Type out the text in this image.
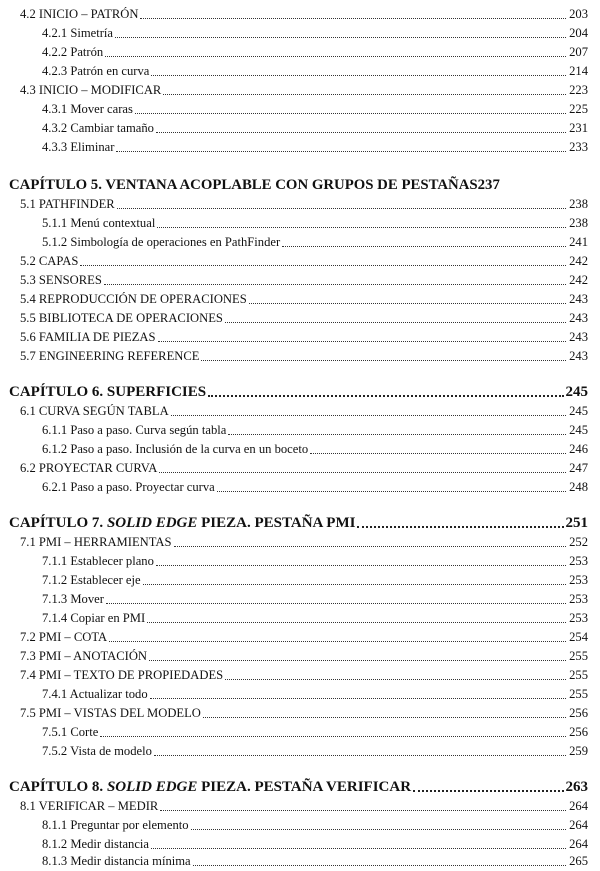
4.2 INICIO – PATRÓN	203
4.2.1 Simetría	204
4.2.2 Patrón	207
4.2.3 Patrón en curva	214
4.3 INICIO – MODIFICAR	223
4.3.1 Mover caras	225
4.3.2 Cambiar tamaño	231
4.3.3 Eliminar	233
CAPÍTULO 5. VENTANA ACOPLABLE CON GRUPOS DE PESTAÑAS 237
5.1 PATHFINDER	238
5.1.1 Menú contextual	238
5.1.2 Simbología de operaciones en PathFinder	241
5.2 CAPAS	242
5.3 SENSORES	242
5.4 REPRODUCCIÓN DE OPERACIONES	243
5.5 BIBLIOTECA DE OPERACIONES	243
5.6 FAMILIA DE PIEZAS	243
5.7 ENGINEERING REFERENCE	243
CAPÍTULO 6. SUPERFICIES	245
6.1 CURVA SEGÚN TABLA	245
6.1.1 Paso a paso. Curva según tabla	245
6.1.2 Paso a paso. Inclusión de la curva en un boceto	246
6.2 PROYECTAR CURVA	247
6.2.1 Paso a paso. Proyectar curva	248
CAPÍTULO 7. SOLID EDGE PIEZA. PESTAÑA PMI	251
7.1 PMI – HERRAMIENTAS	252
7.1.1 Establecer plano	253
7.1.2 Establecer eje	253
7.1.3 Mover	253
7.1.4 Copiar en PMI	253
7.2 PMI – COTA	254
7.3 PMI – ANOTACIÓN	255
7.4 PMI – TEXTO DE PROPIEDADES	255
7.4.1 Actualizar todo	255
7.5 PMI – VISTAS DEL MODELO	256
7.5.1 Corte	256
7.5.2 Vista de modelo	259
CAPÍTULO 8. SOLID EDGE PIEZA. PESTAÑA VERIFICAR	263
8.1 VERIFICAR – MEDIR	264
8.1.1 Preguntar por elemento	264
8.1.2 Medir distancia	264
8.1.3 Medir distancia mínima	265
